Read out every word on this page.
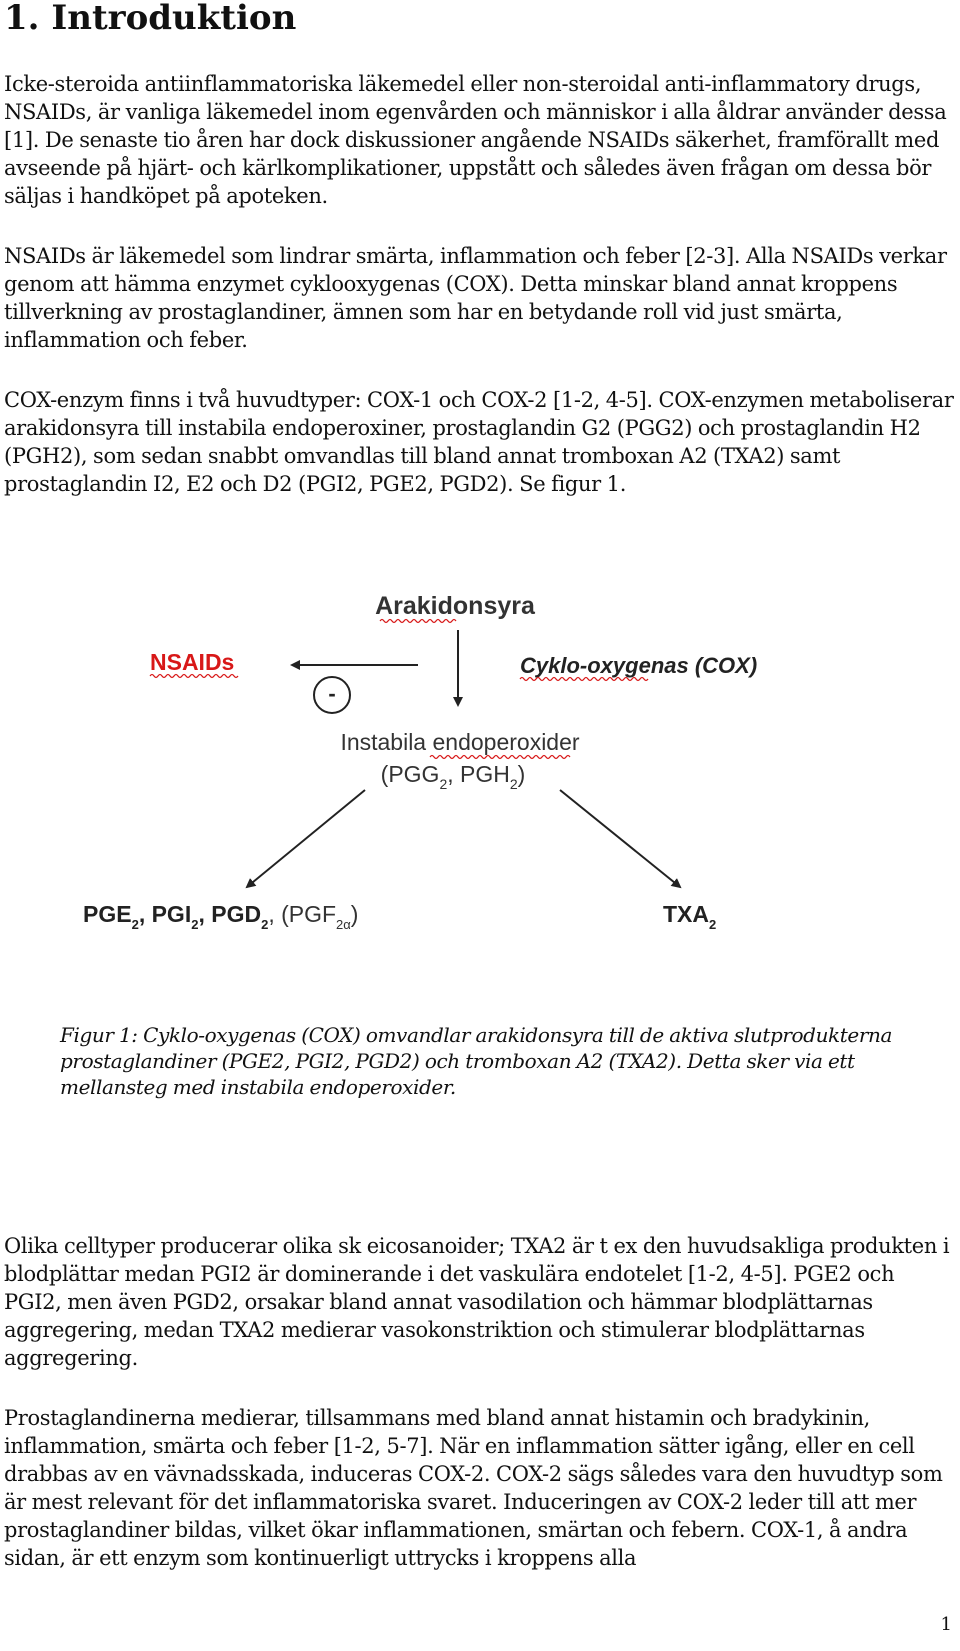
1. Introduktion

Icke-steroida antiinflammatoriska läkemedel eller non-steroidal anti-inflammatory drugs, NSAIDs, är vanliga läkemedel inom egenvården och människor i alla åldrar använder dessa [1]. De senaste tio åren har dock diskussioner angående NSAIDs säkerhet, framförallt med avseende på hjärt- och kärlkomplikationer, uppstått och således även frågan om dessa bör säljas i handköpet på apoteken.

NSAIDs är läkemedel som lindrar smärta, inflammation och feber [2-3]. Alla NSAIDs verkar genom att hämma enzymet cyklooxygenas (COX). Detta minskar bland annat kroppens tillverkning av prostaglandiner, ämnen som har en betydande roll vid just smärta, inflammation och feber.

COX-enzym finns i två huvudtyper: COX-1 och COX-2 [1-2, 4-5]. COX-enzymen metaboliserar arakidonsyra till instabila endoperoxiner, prostaglandin G2 (PGG2) och prostaglandin H2 (PGH2), som sedan snabbt omvandlas till bland annat tromboxan A2 (TXA2) samt prostaglandin I2, E2 och D2 (PGI2, PGE2, PGD2). Se figur 1.

Arakidonsyra
NSAIDs
-
Cyklo-oxygenas (COX)
Instabila endoperoxider
($PGG_2$, $PGH_2$)
$PGE_2$, $PGI_2$, $PGD_2$, $(PGF_{2\alpha})$	$TXA_2$

Figur 1: Cyklo-oxygenas (COX) omvandlar arakidonsyra till de aktiva slutprodukterna prostaglandiner (PGE2, PGI2, PGD2) och tromboxan A2 (TXA2). Detta sker via ett mellansteg med instabila endoperoxider.

Olika celltyper producerar olika sk eicosanoider; TXA2 är t ex den huvudsakliga produkten i blodplättar medan PGI2 är dominerande i det vaskulära endotelet [1-2, 4-5]. PGE2 och PGI2, men även PGD2, orsakar bland annat vasodilation och hämmar blodplättarnas aggregering, medan TXA2 medierar vasokonstriktion och stimulerar blodplättarnas aggregering.

Prostaglandinerna medierar, tillsammans med bland annat histamin och bradykinin, inflammation, smärta och feber [1-2, 5-7]. När en inflammation sätter igång, eller en cell drabbas av en vävnadsskada, induceras COX-2. COX-2 sägs således vara den huvudtyp som är mest relevant för det inflammatoriska svaret. Induceringen av COX-2 leder till att mer prostaglandiner bildas, vilket ökar inflammationen, smärtan och febern. COX-1, å andra sidan, är ett enzym som kontinuerligt uttrycks i kroppens alla

1
